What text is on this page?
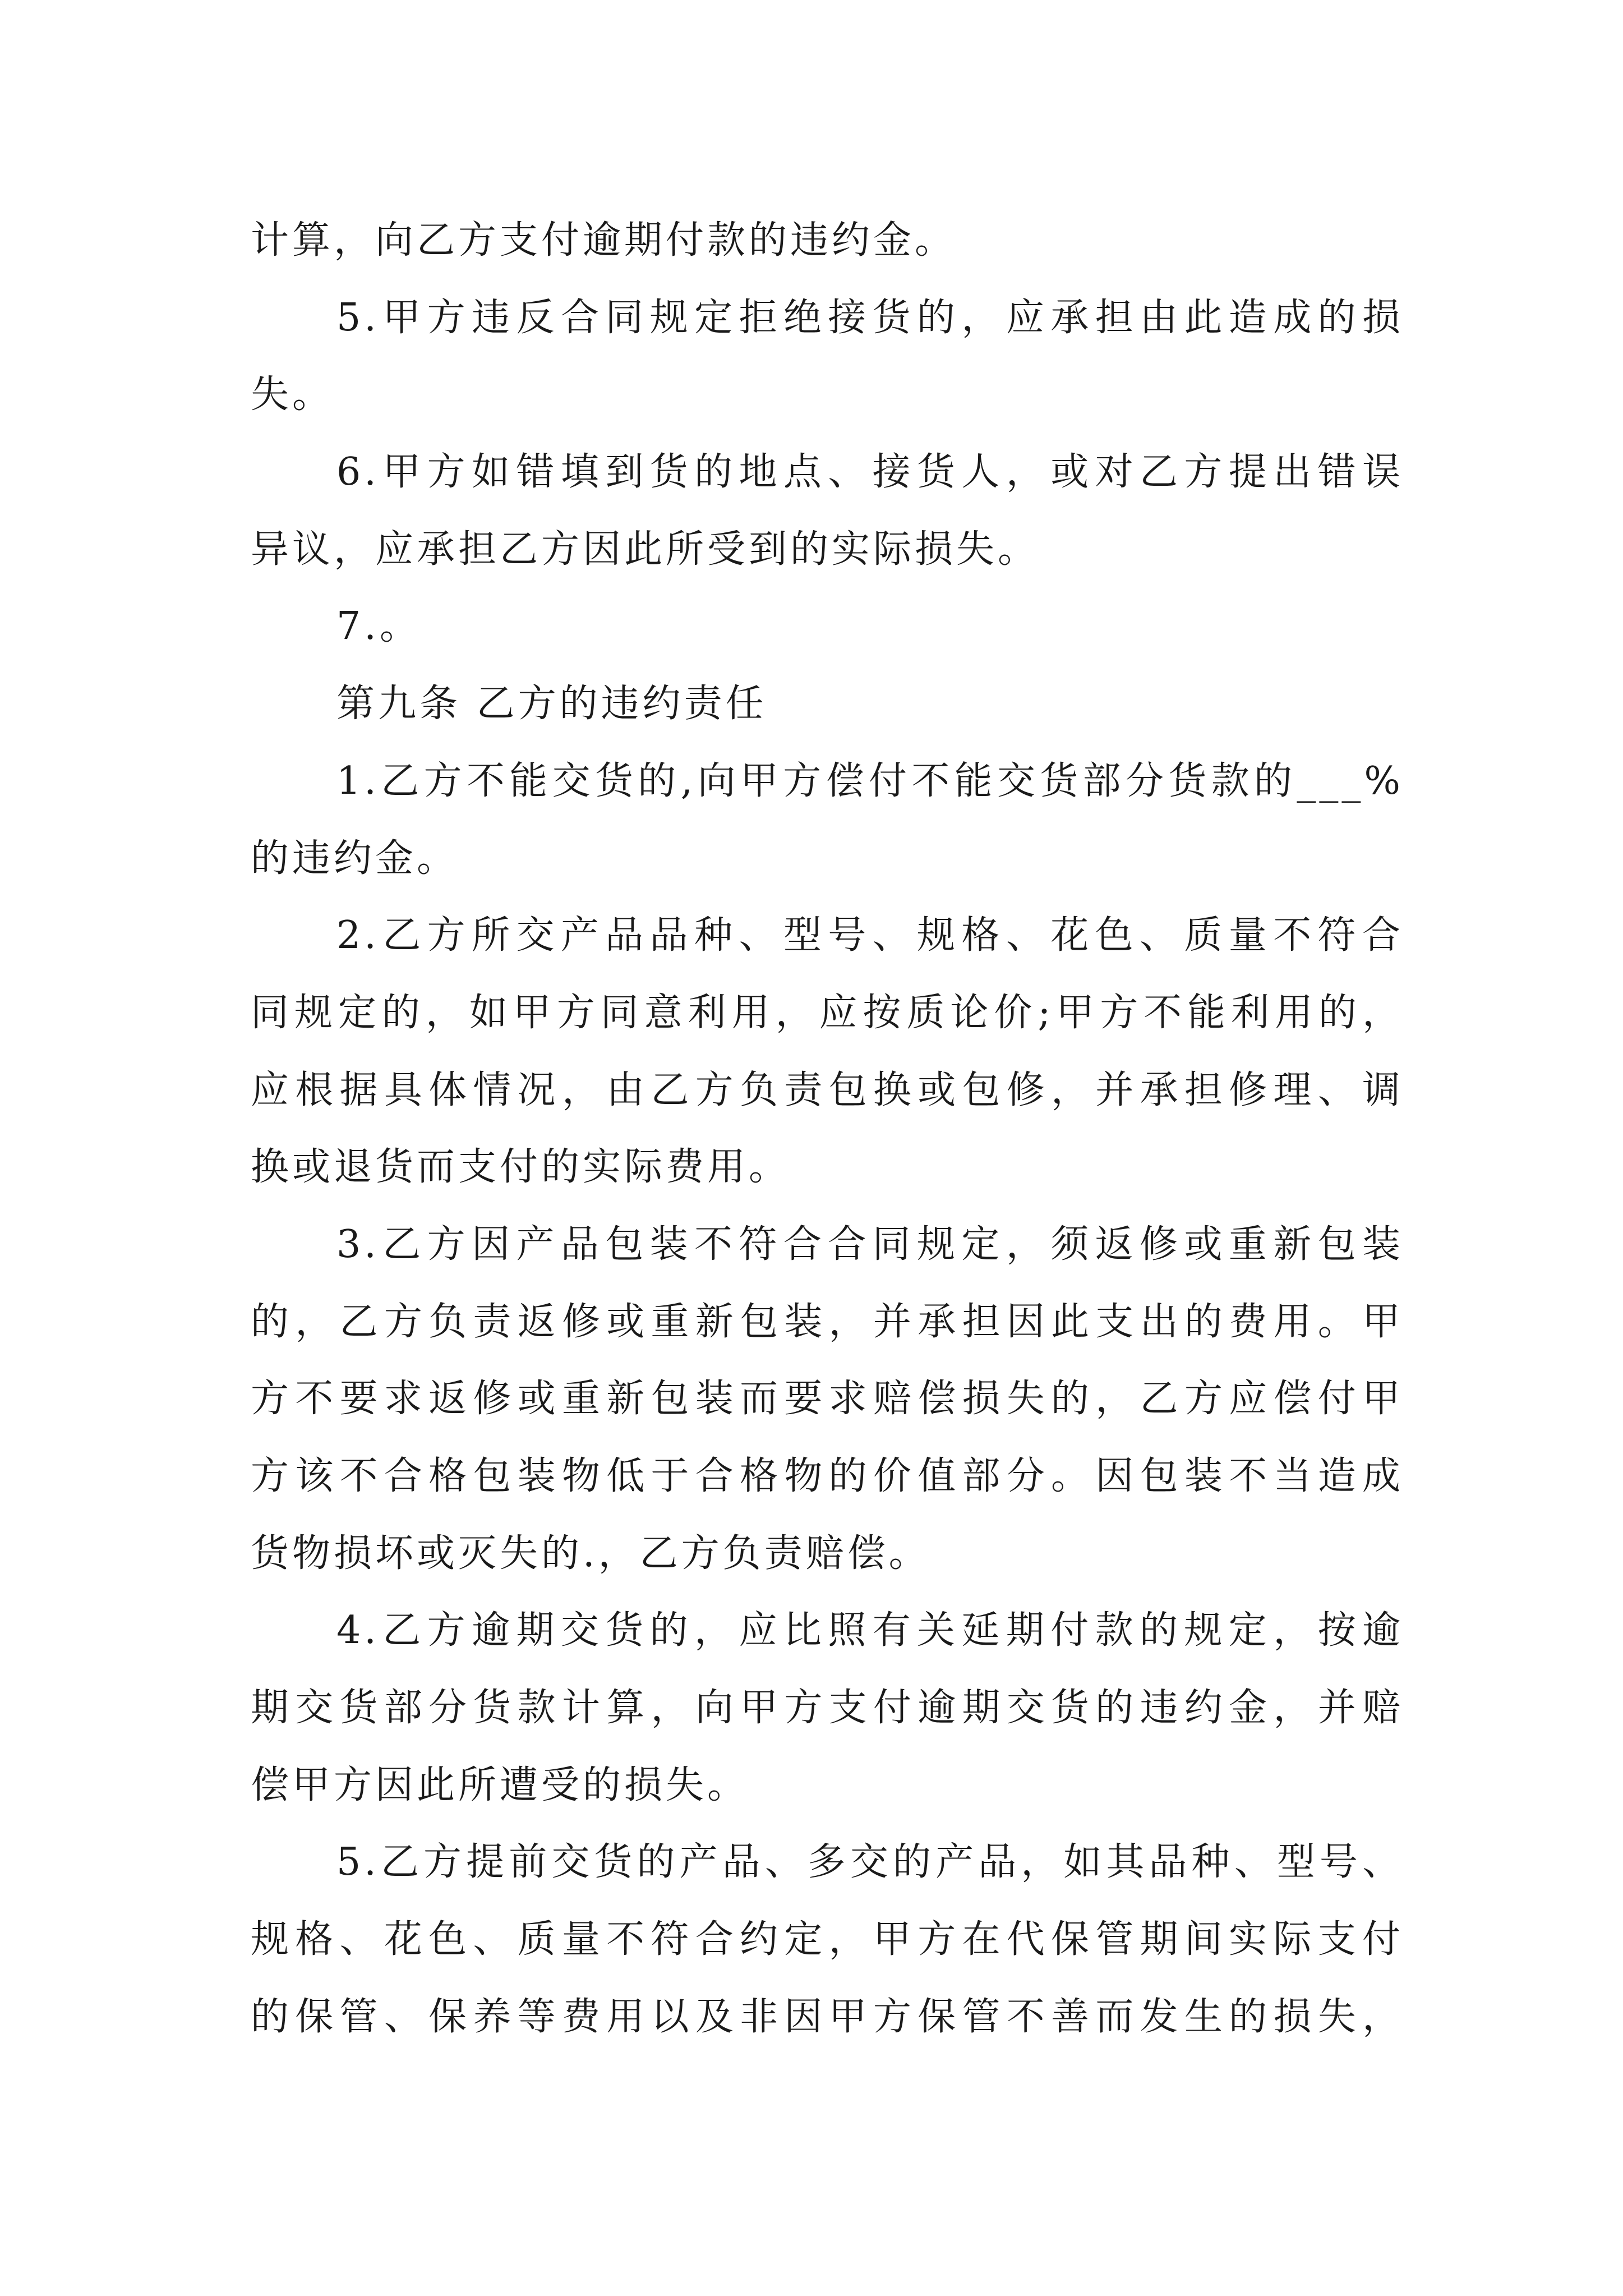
计算，向乙方支付逾期付款的违约金。
5.甲方违反合同规定拒绝接货的，应承担由此造成的损
失。
6.甲方如错填到货的地点、接货人，或对乙方提出错误
异议，应承担乙方因此所受到的实际损失。
7.。
第九条 乙方的违约责任
1.乙方不能交货的,向甲方偿付不能交货部分货款的___%
的违约金。
2.乙方所交产品品种、型号、规格、花色、质量不符合
同规定的，如甲方同意利用，应按质论价;甲方不能利用的，
应根据具体情况，由乙方负责包换或包修，并承担修理、调
换或退货而支付的实际费用。
3.乙方因产品包装不符合合同规定，须返修或重新包装
的，乙方负责返修或重新包装，并承担因此支出的费用。甲
方不要求返修或重新包装而要求赔偿损失的，乙方应偿付甲
方该不合格包装物低于合格物的价值部分。因包装不当造成
货物损坏或灭失的.，乙方负责赔偿。
4.乙方逾期交货的，应比照有关延期付款的规定，按逾
期交货部分货款计算，向甲方支付逾期交货的违约金，并赔
偿甲方因此所遭受的损失。
5.乙方提前交货的产品、多交的产品，如其品种、型号、
规格、花色、质量不符合约定，甲方在代保管期间实际支付
的保管、保养等费用以及非因甲方保管不善而发生的损失，
